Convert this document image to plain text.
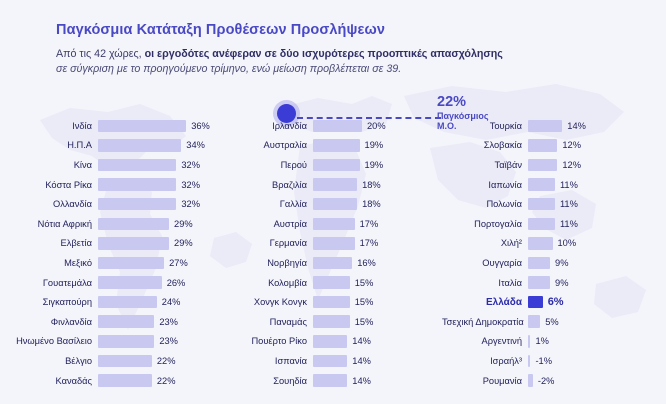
Παγκόσμια Κατάταξη Προθέσεων Προσλήψεων
Από τις 42 χώρες, οι εργοδότες ανέφεραν σε δύο ισχυρότερες προοπτικές απασχόλησης
σε σύγκριση με το προηγούμενο τρίμηνο, ενώ μείωση προβλέπεται σε 39.
22%
Παγκόσμιος
Μ.Ο.
Ινδία	36%
Η.Π.Α	34%
Κίνα	32%
Κόστα Ρίκα	32%
Ολλανδία	32%
Νότια Αφρική	29%
Ελβετία	29%
Μεξικό	27%
Γουατεμάλα	26%
Σιγκαπούρη	24%
Φινλανδία	23%
Ηνωμένο Βασίλειο	23%
Βέλγιο	22%
Καναδάς	22%
Ιρλανδία	20%
Αυστραλία	19%
Περού	19%
Βραζιλία	18%
Γαλλία	18%
Αυστρία	17%
Γερμανία	17%
Νορβηγία	16%
Κολομβία	15%
Χονγκ Κονγκ	15%
Παναμάς	15%
Πουέρτο Ρίκο	14%
Ισπανία	14%
Σουηδία	14%
Τουρκία	14%
Σλοβακία	12%
Ταϊβάν	12%
Ιαπωνία	11%
Πολωνία	11%
Πορτογαλία	11%
Χιλή²	10%
Ουγγαρία	9%
Ιταλία	9%
Ελλάδα	6%
Τσεχική Δημοκρατία	5%
Αργεντινή	1%
Ισραήλ³	-1%
Ρουμανία	-2%
